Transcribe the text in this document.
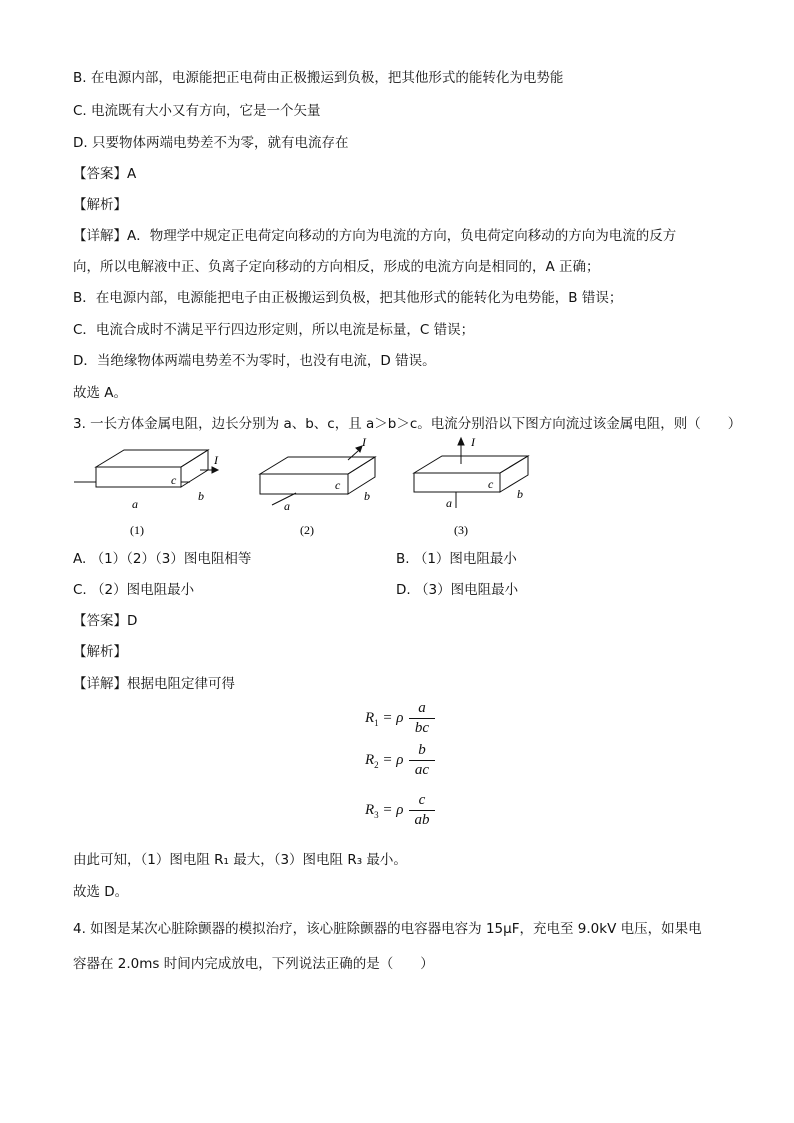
B. 在电源内部，电源能把正电荷由正极搬运到负极，把其他形式的能转化为电势能
C. 电流既有大小又有方向，它是一个矢量
D. 只要物体两端电势差不为零，就有电流存在
【答案】A
【解析】
【详解】A．物理学中规定正电荷定向移动的方向为电流的方向，负电荷定向移动的方向为电流的反方
向，所以电解液中正、负离子定向移动的方向相反，形成的电流方向是相同的，A 正确；
B．在电源内部，电源能把电子由正极搬运到负极，把其他形式的能转化为电势能，B 错误；
C．电流合成时不满足平行四边形定则，所以电流是标量，C 错误；
D．当绝缘物体两端电势差不为零时，也没有电流，D 错误。
故选 A。
3. 一长方体金属电阻，边长分别为 a、b、c，且 a＞b＞c。电流分别沿以下图方向流过该金属电阻，则（　　）
I
c
b
a
(1)
I
c
b
a
(2)
I
c
b
a
(3)
A. （1）（2）（3）图电阻相等	B. （1）图电阻最小
C. （2）图电阻最小	D. （3）图电阻最小
【答案】D
【解析】
【详解】根据电阻定律可得
$R_1 = \rho$
a
bc
$R_2 = \rho$
b
ac
$R_3 = \rho$
c
ab
由此可知，（1）图电阻 R₁ 最大，（3）图电阻 R₃ 最小。
故选 D。
4. 如图是某次心脏除颤器的模拟治疗，该心脏除颤器的电容器电容为 15μF，充电至 9.0kV 电压，如果电
容器在 2.0ms 时间内完成放电，下列说法正确的是（　　）
